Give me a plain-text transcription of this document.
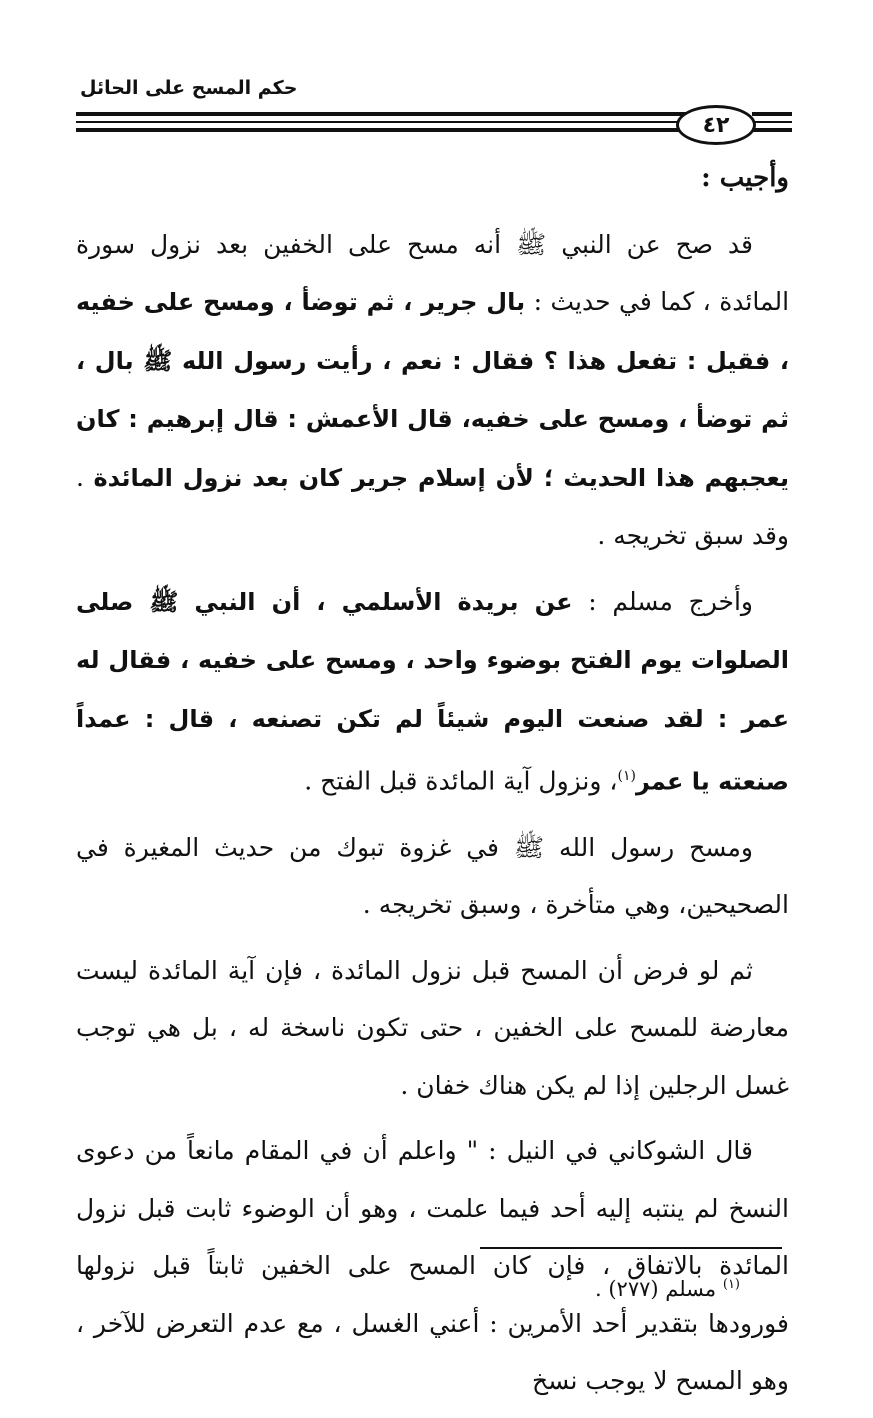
حكم المسح على الحائل
٤٢

وأجيب :

قد صح عن النبي ﷺ أنه مسح على الخفين بعد نزول سورة المائدة ، كما في حديث : بال جرير ، ثم توضأ ، ومسح على خفيه ، فقيل : تفعل هذا ؟ فقال : نعم ، رأيت رسول الله ﷺ بال ، ثم توضأ ، ومسح على خفيه، قال الأعمش : قال إبرهيم : كان يعجبهم هذا الحديث ؛ لأن إسلام جرير كان بعد نزول المائدة . وقد سبق تخريجه .

وأخرج مسلم : عن بريدة الأسلمي ، أن النبي ﷺ صلى الصلوات يوم الفتح بوضوء واحد ، ومسح على خفيه ، فقال له عمر : لقد صنعت اليوم شيئاً لم تكن تصنعه ، قال : عمداً صنعته يا عمر$^{(١)}$، ونزول آية المائدة قبل الفتح .

ومسح رسول الله ﷺ في غزوة تبوك من حديث المغيرة في الصحيحين، وهي متأخرة ، وسبق تخريجه .

ثم لو فرض أن المسح قبل نزول المائدة ، فإن آية المائدة ليست معارضة للمسح على الخفين ، حتى تكون ناسخة له ، بل هي توجب غسل الرجلين إذا لم يكن هناك خفان .

قال الشوكاني في النيل : " واعلم أن في المقام مانعاً من دعوى النسخ لم ينتبه إليه أحد فيما علمت ، وهو أن الوضوء ثابت قبل نزول المائدة بالاتفاق ، فإن كان المسح على الخفين ثابتاً قبل نزولها فورودها بتقدير أحد الأمرين : أعني الغسل ، مع عدم التعرض للآخر ، وهو المسح لا يوجب نسخ

$^{(١)}$ مسلم (٢٧٧) .
